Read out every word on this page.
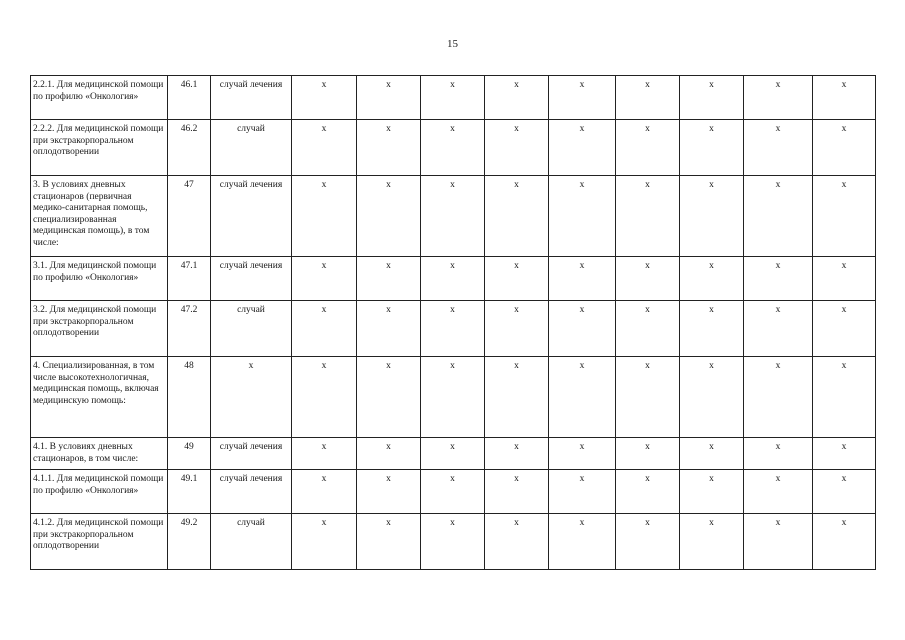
15
2.2.1. Для медицинской помощи по профилю «Онкология»	46.1	случай лечения	х	х	х	х	х	х	х	х	х
2.2.2. Для медицинской помощи при экстракорпоральном оплодотворении	46.2	случай	х	х	х	х	х	х	х	х	х
3. В условиях дневных стационаров (первичная медико-санитарная помощь, специализированная медицинская помощь), в том числе:	47	случай лечения	х	х	х	х	х	х	х	х	х
3.1. Для медицинской помощи по профилю «Онкология»	47.1	случай лечения	х	х	х	х	х	х	х	х	х
3.2. Для медицинской помощи при экстракорпоральном оплодотворении	47.2	случай	х	х	х	х	х	х	х	х	х
4. Специализированная, в том числе высокотехнологичная, медицинская помощь, включая медицинскую помощь:	48	х	х	х	х	х	х	х	х	х	х
4.1. В условиях дневных стационаров, в том числе:	49	случай лечения	х	х	х	х	х	х	х	х	х
4.1.1. Для медицинской помощи по профилю «Онкология»	49.1	случай лечения	х	х	х	х	х	х	х	х	х
4.1.2. Для медицинской помощи при экстракорпоральном оплодотворении	49.2	случай	х	х	х	х	х	х	х	х	х
